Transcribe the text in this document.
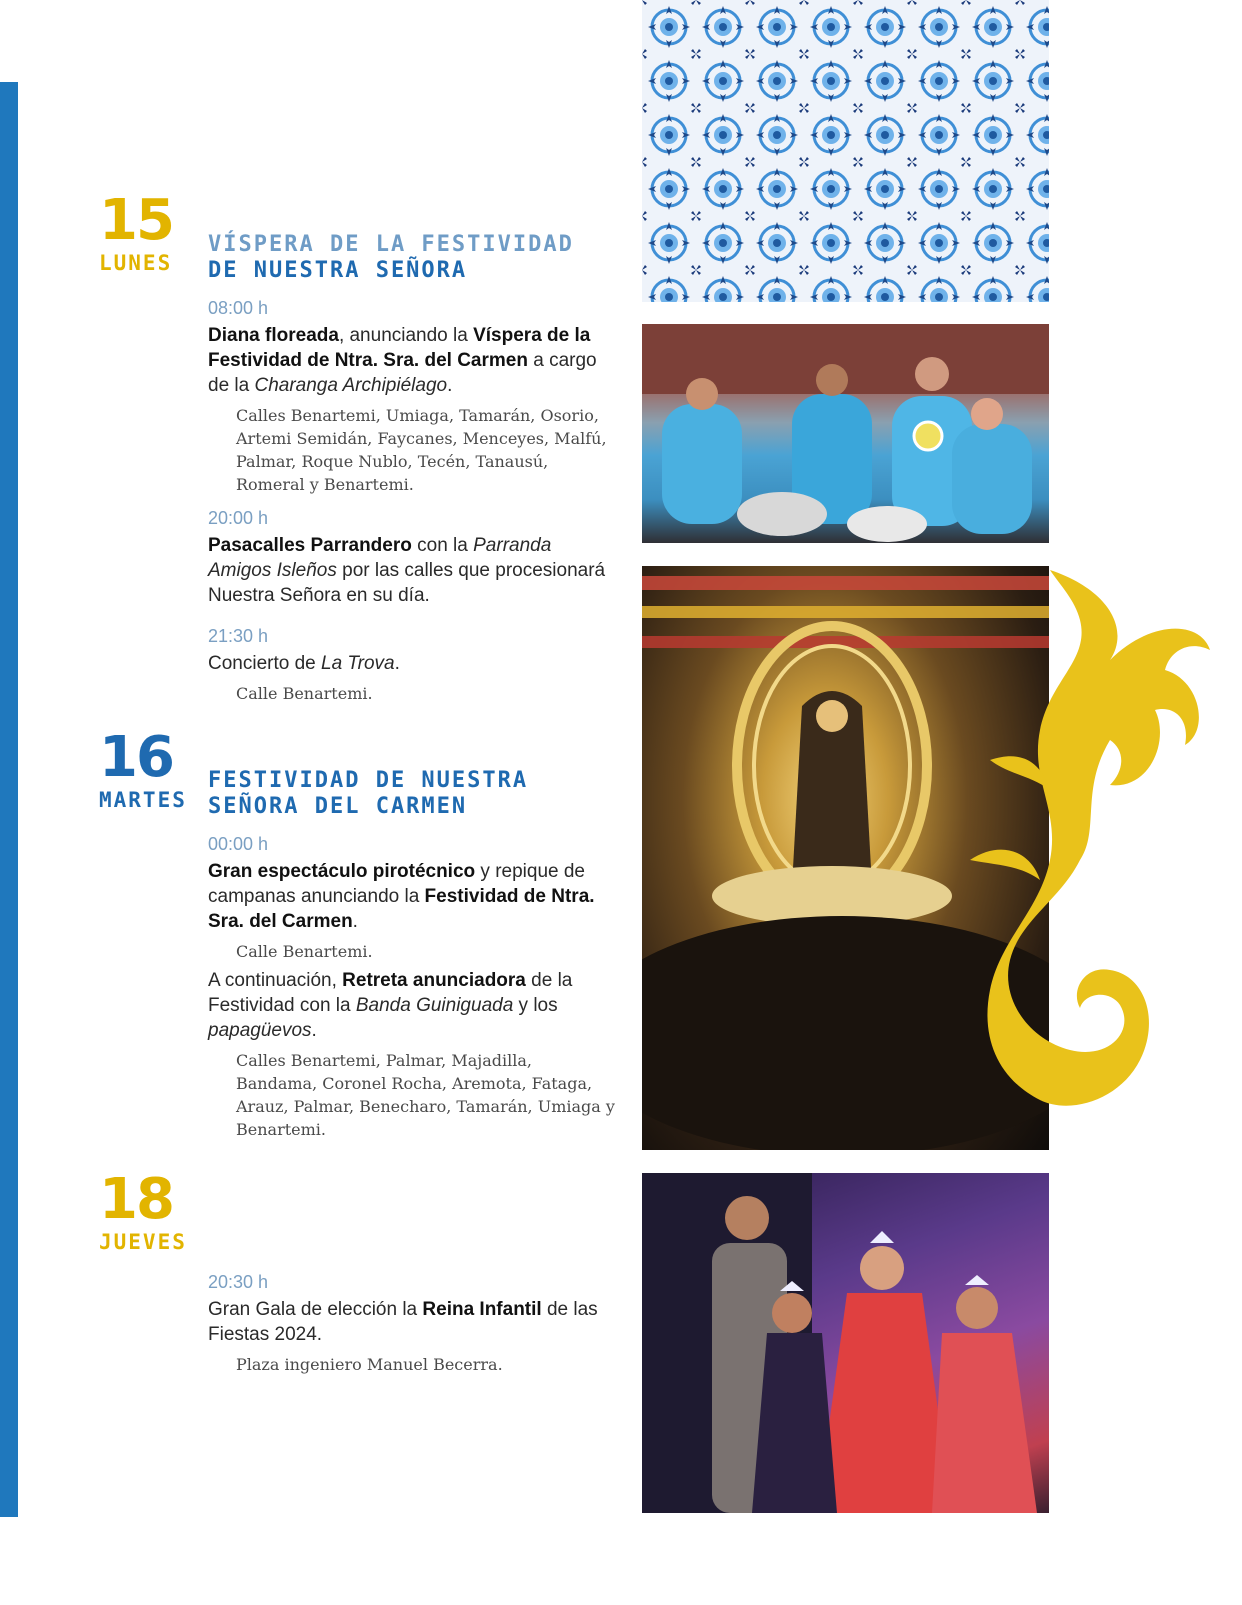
15
LUNES
VÍSPERA DE LA FESTIVIDAD
DE NUESTRA SEÑORA
08:00 h
Diana floreada, anunciando la Víspera de la Festividad de Ntra. Sra. del Carmen a cargo de la Charanga Archipiélago.
Calles Benartemi, Umiaga, Tamarán, Osorio, Artemi Semidán, Faycanes, Menceyes, Malfú, Palmar, Roque Nublo, Tecén, Tanausú, Romeral y Benartemi.
20:00 h
Pasacalles Parrandero con la Parranda Amigos Isleños por las calles que procesionará Nuestra Señora en su día.
21:30 h
Concierto de La Trova.
Calle Benartemi.
16
MARTES
FESTIVIDAD DE NUESTRA
SEÑORA DEL CARMEN
00:00 h
Gran espectáculo pirotécnico y repique de campanas anunciando la Festividad de Ntra. Sra. del Carmen.
Calle Benartemi.
A continuación, Retreta anunciadora de la Festividad con la Banda Guiniguada y los papagüevos.
Calles Benartemi, Palmar, Majadilla, Bandama, Coronel Rocha, Aremota, Fataga, Arauz, Palmar, Benecharo, Tamarán, Umiaga y Benartemi.
18
JUEVES
20:30 h
Gran Gala de elección la Reina Infantil de las Fiestas 2024.
Plaza ingeniero Manuel Becerra.
